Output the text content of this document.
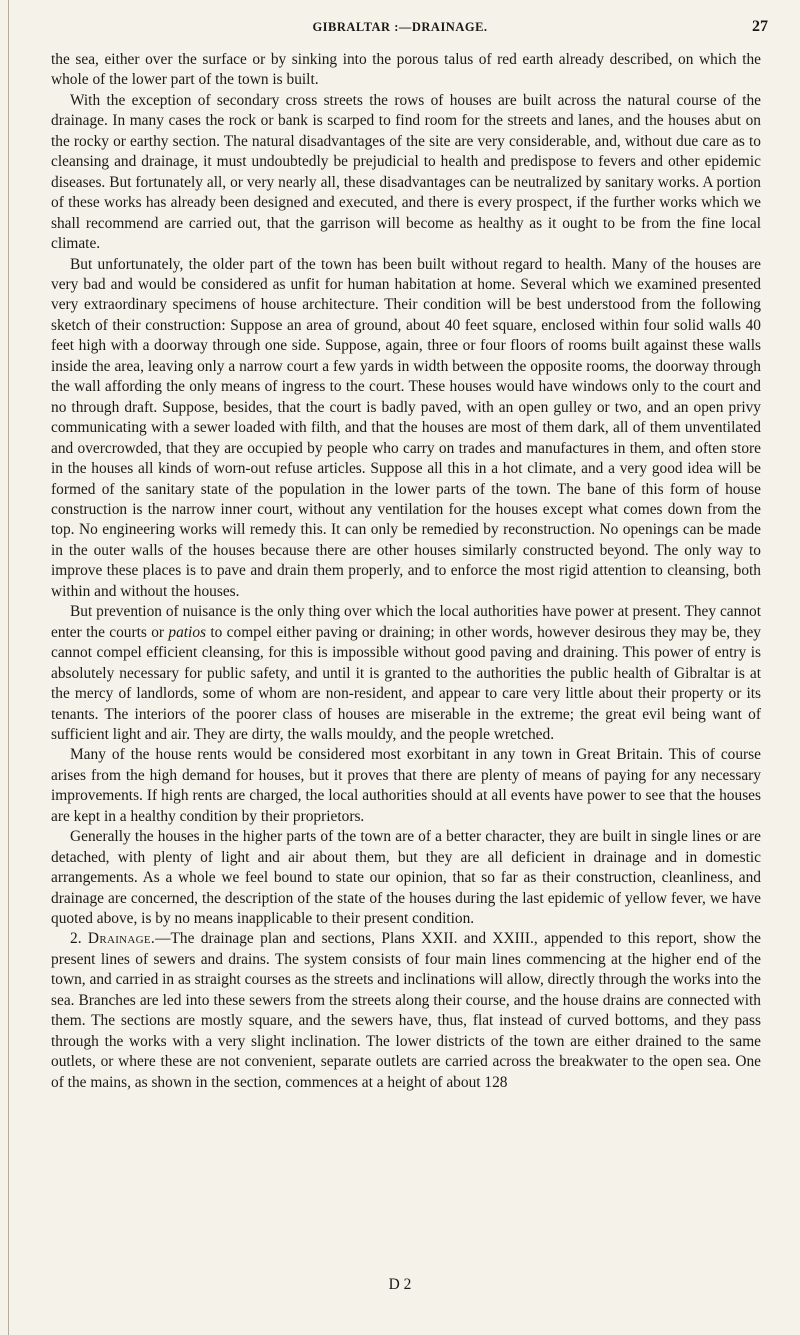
GIBRALTAR :—DRAINAGE.	27

the sea, either over the surface or by sinking into the porous talus of red earth already described, on which the whole of the lower part of the town is built.

With the exception of secondary cross streets the rows of houses are built across the natural course of the drainage. In many cases the rock or bank is scarped to find room for the streets and lanes, and the houses abut on the rocky or earthy section. The natural disadvantages of the site are very considerable, and, without due care as to cleansing and drainage, it must undoubtedly be prejudicial to health and predispose to fevers and other epidemic diseases. But fortunately all, or very nearly all, these disadvantages can be neutralized by sanitary works. A portion of these works has already been designed and executed, and there is every prospect, if the further works which we shall recommend are carried out, that the garrison will become as healthy as it ought to be from the fine local climate.

But unfortunately, the older part of the town has been built without regard to health. Many of the houses are very bad and would be considered as unfit for human habitation at home. Several which we examined presented very extraordinary specimens of house architecture. Their condition will be best understood from the following sketch of their construction: Suppose an area of ground, about 40 feet square, enclosed within four solid walls 40 feet high with a doorway through one side. Suppose, again, three or four floors of rooms built against these walls inside the area, leaving only a narrow court a few yards in width between the opposite rooms, the doorway through the wall affording the only means of ingress to the court. These houses would have windows only to the court and no through draft. Suppose, besides, that the court is badly paved, with an open gulley or two, and an open privy communicating with a sewer loaded with filth, and that the houses are most of them dark, all of them unventilated and overcrowded, that they are occupied by people who carry on trades and manufactures in them, and often store in the houses all kinds of worn-out refuse articles. Suppose all this in a hot climate, and a very good idea will be formed of the sanitary state of the population in the lower parts of the town. The bane of this form of house construction is the narrow inner court, without any ventilation for the houses except what comes down from the top. No engineering works will remedy this. It can only be remedied by reconstruction. No openings can be made in the outer walls of the houses because there are other houses similarly constructed beyond. The only way to improve these places is to pave and drain them properly, and to enforce the most rigid attention to cleansing, both within and without the houses.

But prevention of nuisance is the only thing over which the local authorities have power at present. They cannot enter the courts or patios to compel either paving or draining; in other words, however desirous they may be, they cannot compel efficient cleansing, for this is impossible without good paving and draining. This power of entry is absolutely necessary for public safety, and until it is granted to the authorities the public health of Gibraltar is at the mercy of landlords, some of whom are non-resident, and appear to care very little about their property or its tenants. The interiors of the poorer class of houses are miserable in the extreme; the great evil being want of sufficient light and air. They are dirty, the walls mouldy, and the people wretched.

Many of the house rents would be considered most exorbitant in any town in Great Britain. This of course arises from the high demand for houses, but it proves that there are plenty of means of paying for any necessary improvements. If high rents are charged, the local authorities should at all events have power to see that the houses are kept in a healthy condition by their proprietors.

Generally the houses in the higher parts of the town are of a better character, they are built in single lines or are detached, with plenty of light and air about them, but they are all deficient in drainage and in domestic arrangements. As a whole we feel bound to state our opinion, that so far as their construction, cleanliness, and drainage are concerned, the description of the state of the houses during the last epidemic of yellow fever, we have quoted above, is by no means inapplicable to their present condition.

2. Drainage.—The drainage plan and sections, Plans XXII. and XXIII., appended to this report, show the present lines of sewers and drains. The system consists of four main lines commencing at the higher end of the town, and carried in as straight courses as the streets and inclinations will allow, directly through the works into the sea. Branches are led into these sewers from the streets along their course, and the house drains are connected with them. The sections are mostly square, and the sewers have, thus, flat instead of curved bottoms, and they pass through the works with a very slight inclination. The lower districts of the town are either drained to the same outlets, or where these are not convenient, separate outlets are carried across the breakwater to the open sea. One of the mains, as shown in the section, commences at a height of about 128

D 2
